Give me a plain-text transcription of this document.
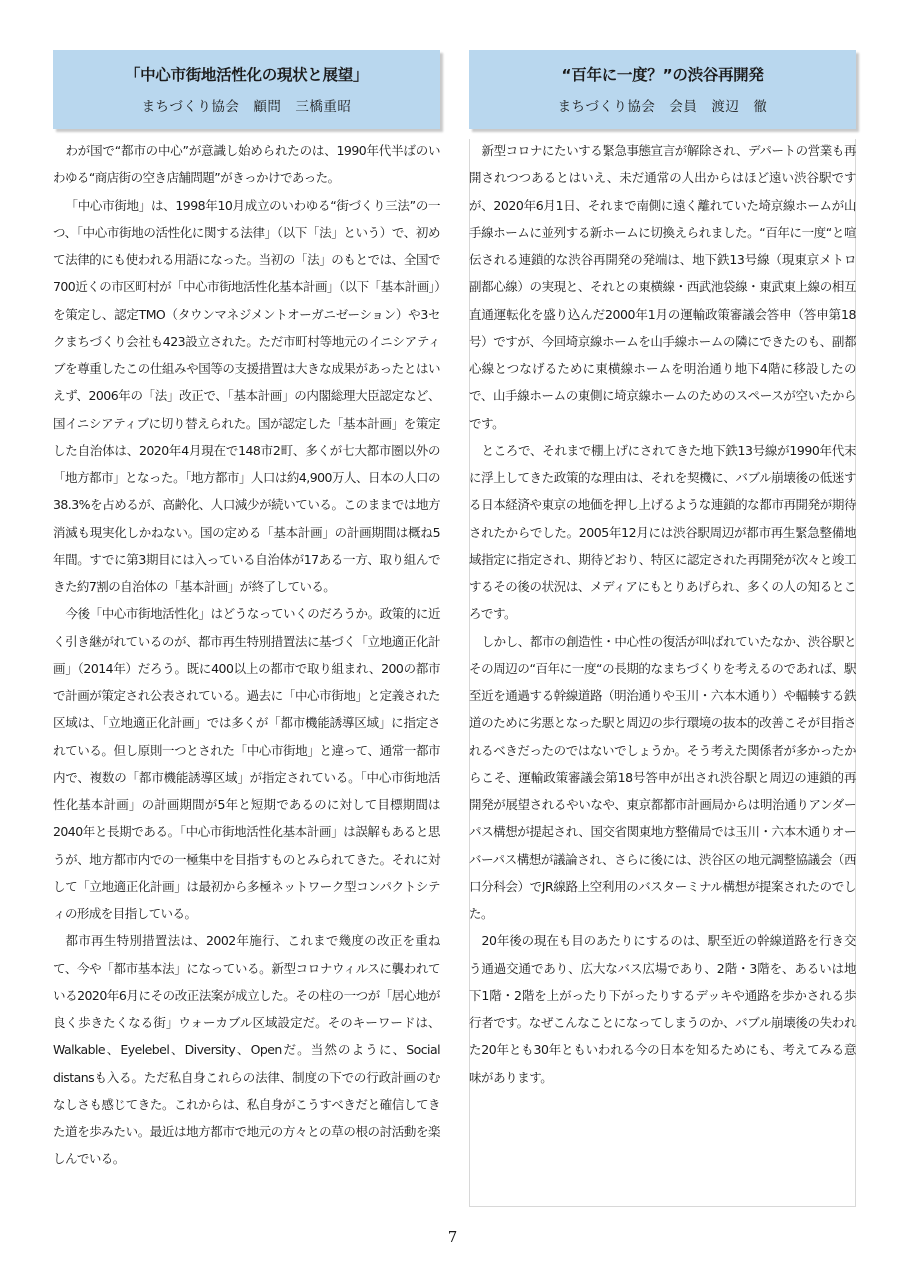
「中心市街地活性化の現状と展望」
まちづくり協会　顧問　三橋重昭

わが国で“都市の中心”が意識し始められたのは、1990年代半ばのいわゆる“商店街の空き店舗問題”がきっかけであった。

「中心市街地」は、1998年10月成立のいわゆる“街づくり三法”の一つ、「中心市街地の活性化に関する法律」（以下「法」という）で、初めて法律的にも使われる用語になった。当初の「法」のもとでは、全国で700近くの市区町村が「中心市街地活性化基本計画」（以下「基本計画」）を策定し、認定TMO（タウンマネジメントオーガニゼーション）や3セクまちづくり会社も423設立された。ただ市町村等地元のイニシアティブを尊重したこの仕組みや国等の支援措置は大きな成果があったとはいえず、2006年の「法」改正で、「基本計画」の内閣総理大臣認定など、国イニシアティブに切り替えられた。国が認定した「基本計画」を策定した自治体は、2020年4月現在で148市2町、多くが七大都市圏以外の「地方都市」となった。「地方都市」人口は約4,900万人、日本の人口の38.3%を占めるが、高齢化、人口減少が続いている。このままでは地方消滅も現実化しかねない。国の定める「基本計画」の計画期間は概ね5年間。すでに第3期目には入っている自治体が17ある一方、取り組んできた約7割の自治体の「基本計画」が終了している。

今後「中心市街地活性化」はどうなっていくのだろうか。政策的に近く引き継がれているのが、都市再生特別措置法に基づく「立地適正化計画」（2014年）だろう。既に400以上の都市で取り組まれ、200の都市で計画が策定され公表されている。過去に「中心市街地」と定義された区域は、「立地適正化計画」では多くが「都市機能誘導区域」に指定されている。但し原則一つとされた「中心市街地」と違って、通常一都市内で、複数の「都市機能誘導区域」が指定されている。「中心市街地活性化基本計画」の計画期間が5年と短期であるのに対して目標期間は2040年と長期である。「中心市街地活性化基本計画」は誤解もあると思うが、地方都市内での一極集中を目指すものとみられてきた。それに対して「立地適正化計画」は最初から多極ネットワーク型コンパクトシティの形成を目指している。

都市再生特別措置法は、2002年施行、これまで幾度の改正を重ねて、今や「都市基本法」になっている。新型コロナウィルスに襲われている2020年6月にその改正法案が成立した。その柱の一つが「居心地が良く歩きたくなる街」ウォーカブル区域設定だ。そのキーワードは、Walkable、Eyelebel、Diversity、Openだ。当然のように、Social distansも入る。ただ私自身これらの法律、制度の下での行政計画のむなしさも感じてきた。これからは、私自身がこうすべきだと確信してきた道を歩みたい。最近は地方都市で地元の方々との草の根の討活動を楽しんでいる。

“百年に一度？”の渋谷再開発
まちづくり協会　会員　渡辺　徹

新型コロナにたいする緊急事態宣言が解除され、デパートの営業も再開されつつあるとはいえ、未だ通常の人出からはほど遠い渋谷駅ですが、2020年6月1日、それまで南側に遠く離れていた埼京線ホームが山手線ホームに並列する新ホームに切換えられました。“百年に一度“と喧伝される連鎖的な渋谷再開発の発端は、地下鉄13号線（現東京メトロ副都心線）の実現と、それとの東横線・西武池袋線・東武東上線の相互直通運転化を盛り込んだ2000年1月の運輸政策審議会答申（答申第18号）ですが、今回埼京線ホームを山手線ホームの隣にできたのも、副都心線とつなげるために東横線ホームを明治通り地下4階に移設したので、山手線ホームの東側に埼京線ホームのためのスペースが空いたからです。

ところで、それまで棚上げにされてきた地下鉄13号線が1990年代末に浮上してきた政策的な理由は、それを契機に、バブル崩壊後の低迷する日本経済や東京の地価を押し上げるような連鎖的な都市再開発が期待されたからでした。2005年12月には渋谷駅周辺が都市再生緊急整備地域指定に指定され、期待どおり、特区に認定された再開発が次々と竣工するその後の状況は、メディアにもとりあげられ、多くの人の知るところです。

しかし、都市の創造性・中心性の復活が叫ばれていたなか、渋谷駅とその周辺の“百年に一度“の長期的なまちづくりを考えるのであれば、駅至近を通過する幹線道路（明治通りや玉川・六本木通り）や輻輳する鉄道のために劣悪となった駅と周辺の歩行環境の抜本的改善こそが目指されるべきだったのではないでしょうか。そう考えた関係者が多かったからこそ、運輸政策審議会第18号答申が出され渋谷駅と周辺の連鎖的再開発が展望されるやいなや、東京都都市計画局からは明治通りアンダーパス構想が提起され、国交省関東地方整備局では玉川・六本木通りオーバーパス構想が議論され、さらに後には、渋谷区の地元調整協議会（西口分科会）でJR線路上空利用のバスターミナル構想が提案されたのでした。

20年後の現在も目のあたりにするのは、駅至近の幹線道路を行き交う通過交通であり、広大なバス広場であり、2階・3階を、あるいは地下1階・2階を上がったり下がったりするデッキや通路を歩かされる歩行者です。なぜこんなことになってしまうのか、バブル崩壊後の失われた20年とも30年ともいわれる今の日本を知るためにも、考えてみる意味があります。

7
